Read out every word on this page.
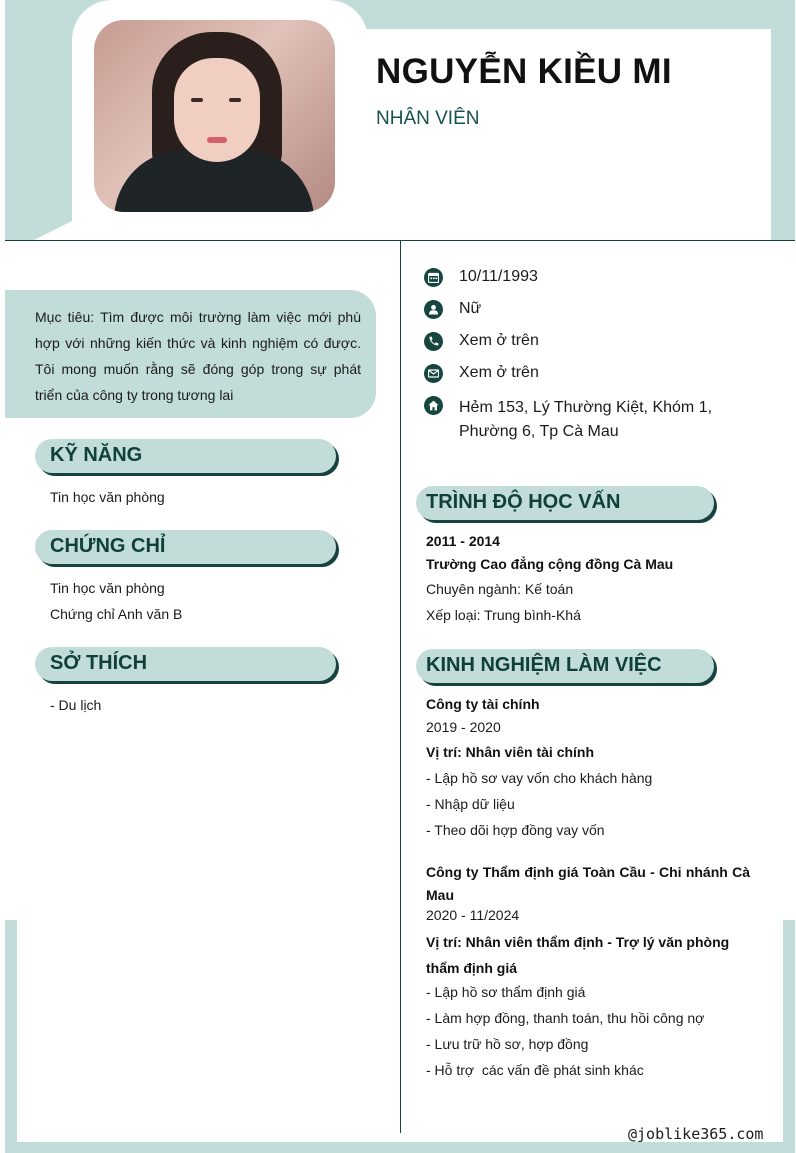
NGUYỄN KIỀU MI
NHÂN VIÊN

Mục tiêu: Tìm được môi trường làm việc mới phù hợp với những kiến thức và kinh nghiệm có được. Tôi mong muốn rằng sẽ đóng góp trong sự phát triển của công ty trong tương lai

KỸ NĂNG
Tin học văn phòng
CHỨNG CHỈ
Tin học văn phòng
Chứng chỉ Anh văn B
SỞ THÍCH
- Du lịch
10/11/1993
Nữ
Xem ở trên
Xem ở trên
Hẻm 153, Lý Thường Kiệt, Khóm 1, Phường 6, Tp Cà Mau
TRÌNH ĐỘ HỌC VẤN
2011 - 2014
Trường Cao đẳng cộng đồng Cà Mau
Chuyên ngành: Kế toán
Xếp loại: Trung bình-Khá
KINH NGHIỆM LÀM VIỆC
Công ty tài chính
2019 - 2020
Vị trí: Nhân viên tài chính
- Lập hồ sơ vay vốn cho khách hàng
- Nhập dữ liệu
- Theo dõi hợp đồng vay vốn
Công ty Thẩm định giá Toàn Cầu - Chi nhánh Cà Mau
2020 - 11/2024
Vị trí: Nhân viên thẩm định - Trợ lý văn phòng thẩm định giá
- Lập hồ sơ thẩm định giá
- Làm hợp đồng, thanh toán, thu hồi công nợ
- Lưu trữ hồ sơ, hợp đồng
- Hỗ trợ  các vấn đề phát sinh khác
@joblike365.com
